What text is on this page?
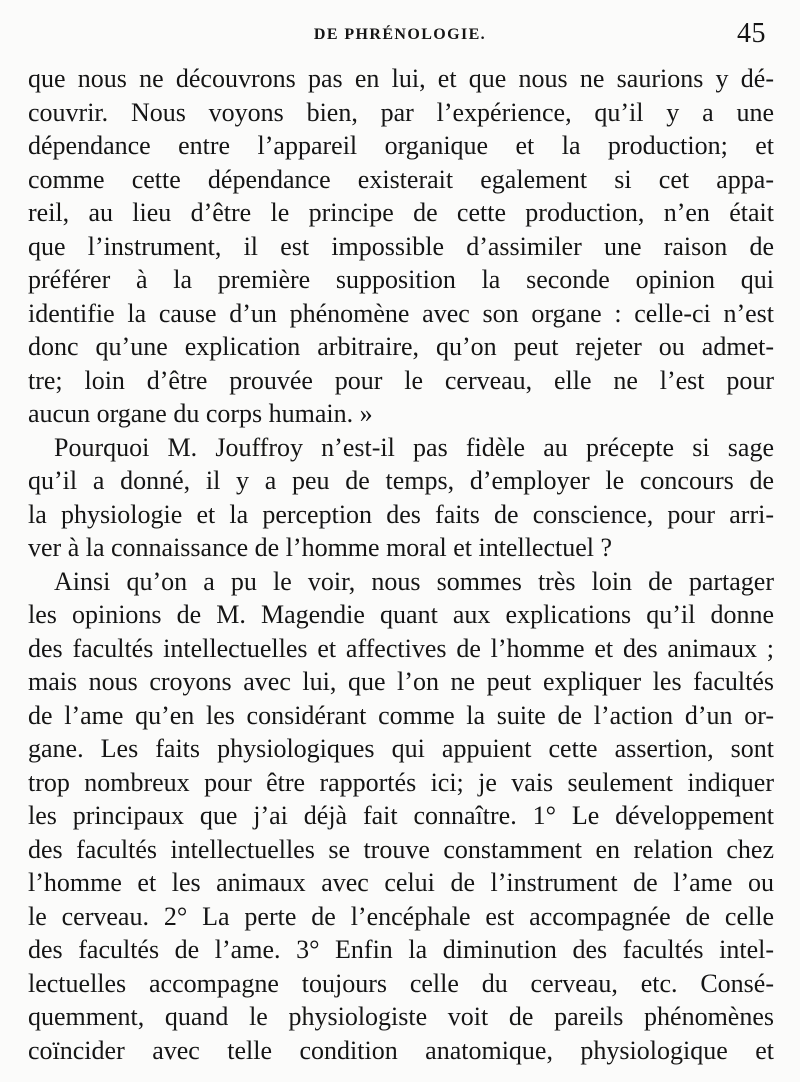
DE PHRÉNOLOGIE.	45
que nous ne découvrons pas en lui, et que nous ne saurions y dé-
couvrir. Nous voyons bien, par l’expérience, qu’il y a une
dépendance entre l’appareil organique et la production; et
comme cette dépendance existerait egalement si cet appa-
reil, au lieu d’être le principe de cette production, n’en était
que l’instrument, il est impossible d’assimiler une raison de
préférer à la première supposition la seconde opinion qui
identifie la cause d’un phénomène avec son organe : celle-ci n’est
donc qu’une explication arbitraire, qu’on peut rejeter ou admet-
tre; loin d’être prouvée pour le cerveau, elle ne l’est pour
aucun organe du corps humain. »
Pourquoi M. Jouffroy n’est-il pas fidèle au précepte si sage
qu’il a donné, il y a peu de temps, d’employer le concours de
la physiologie et la perception des faits de conscience, pour arri-
ver à la connaissance de l’homme moral et intellectuel ?
Ainsi qu’on a pu le voir, nous sommes très loin de partager
les opinions de M. Magendie quant aux explications qu’il donne
des facultés intellectuelles et affectives de l’homme et des animaux ;
mais nous croyons avec lui, que l’on ne peut expliquer les facultés
de l’ame qu’en les considérant comme la suite de l’action d’un or-
gane. Les faits physiologiques qui appuient cette assertion, sont
trop nombreux pour être rapportés ici; je vais seulement indiquer
les principaux que j’ai déjà fait connaître. 1° Le développement
des facultés intellectuelles se trouve constamment en relation chez
l’homme et les animaux avec celui de l’instrument de l’ame ou
le cerveau. 2° La perte de l’encéphale est accompagnée de celle
des facultés de l’ame. 3° Enfin la diminution des facultés intel-
lectuelles accompagne toujours celle du cerveau, etc. Consé-
quemment, quand le physiologiste voit de pareils phénomènes
coïncider avec telle condition anatomique, physiologique et
